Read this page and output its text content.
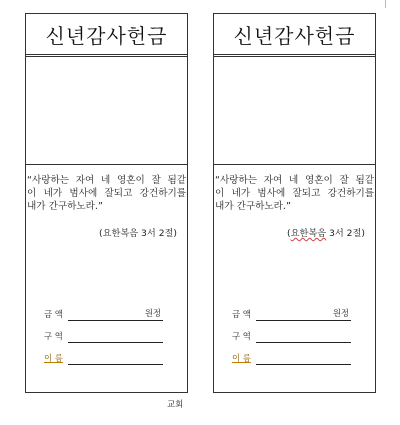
신년감사헌금
“사랑하는 자여 네 영혼이 잘 됨같
이 네가 범사에 잘되고 강건하기를
내가 간구하노라.”
(요한복음 3서 2절)
금 액	원정
구 역
이 름
신년감사헌금
“사랑하는 자여 네 영혼이 잘 됨같
이 네가 범사에 잘되고 강건하기를
내가 간구하노라.”
(요한복음 3서 2절)
금 액	원정
구 역
이 름
교회
